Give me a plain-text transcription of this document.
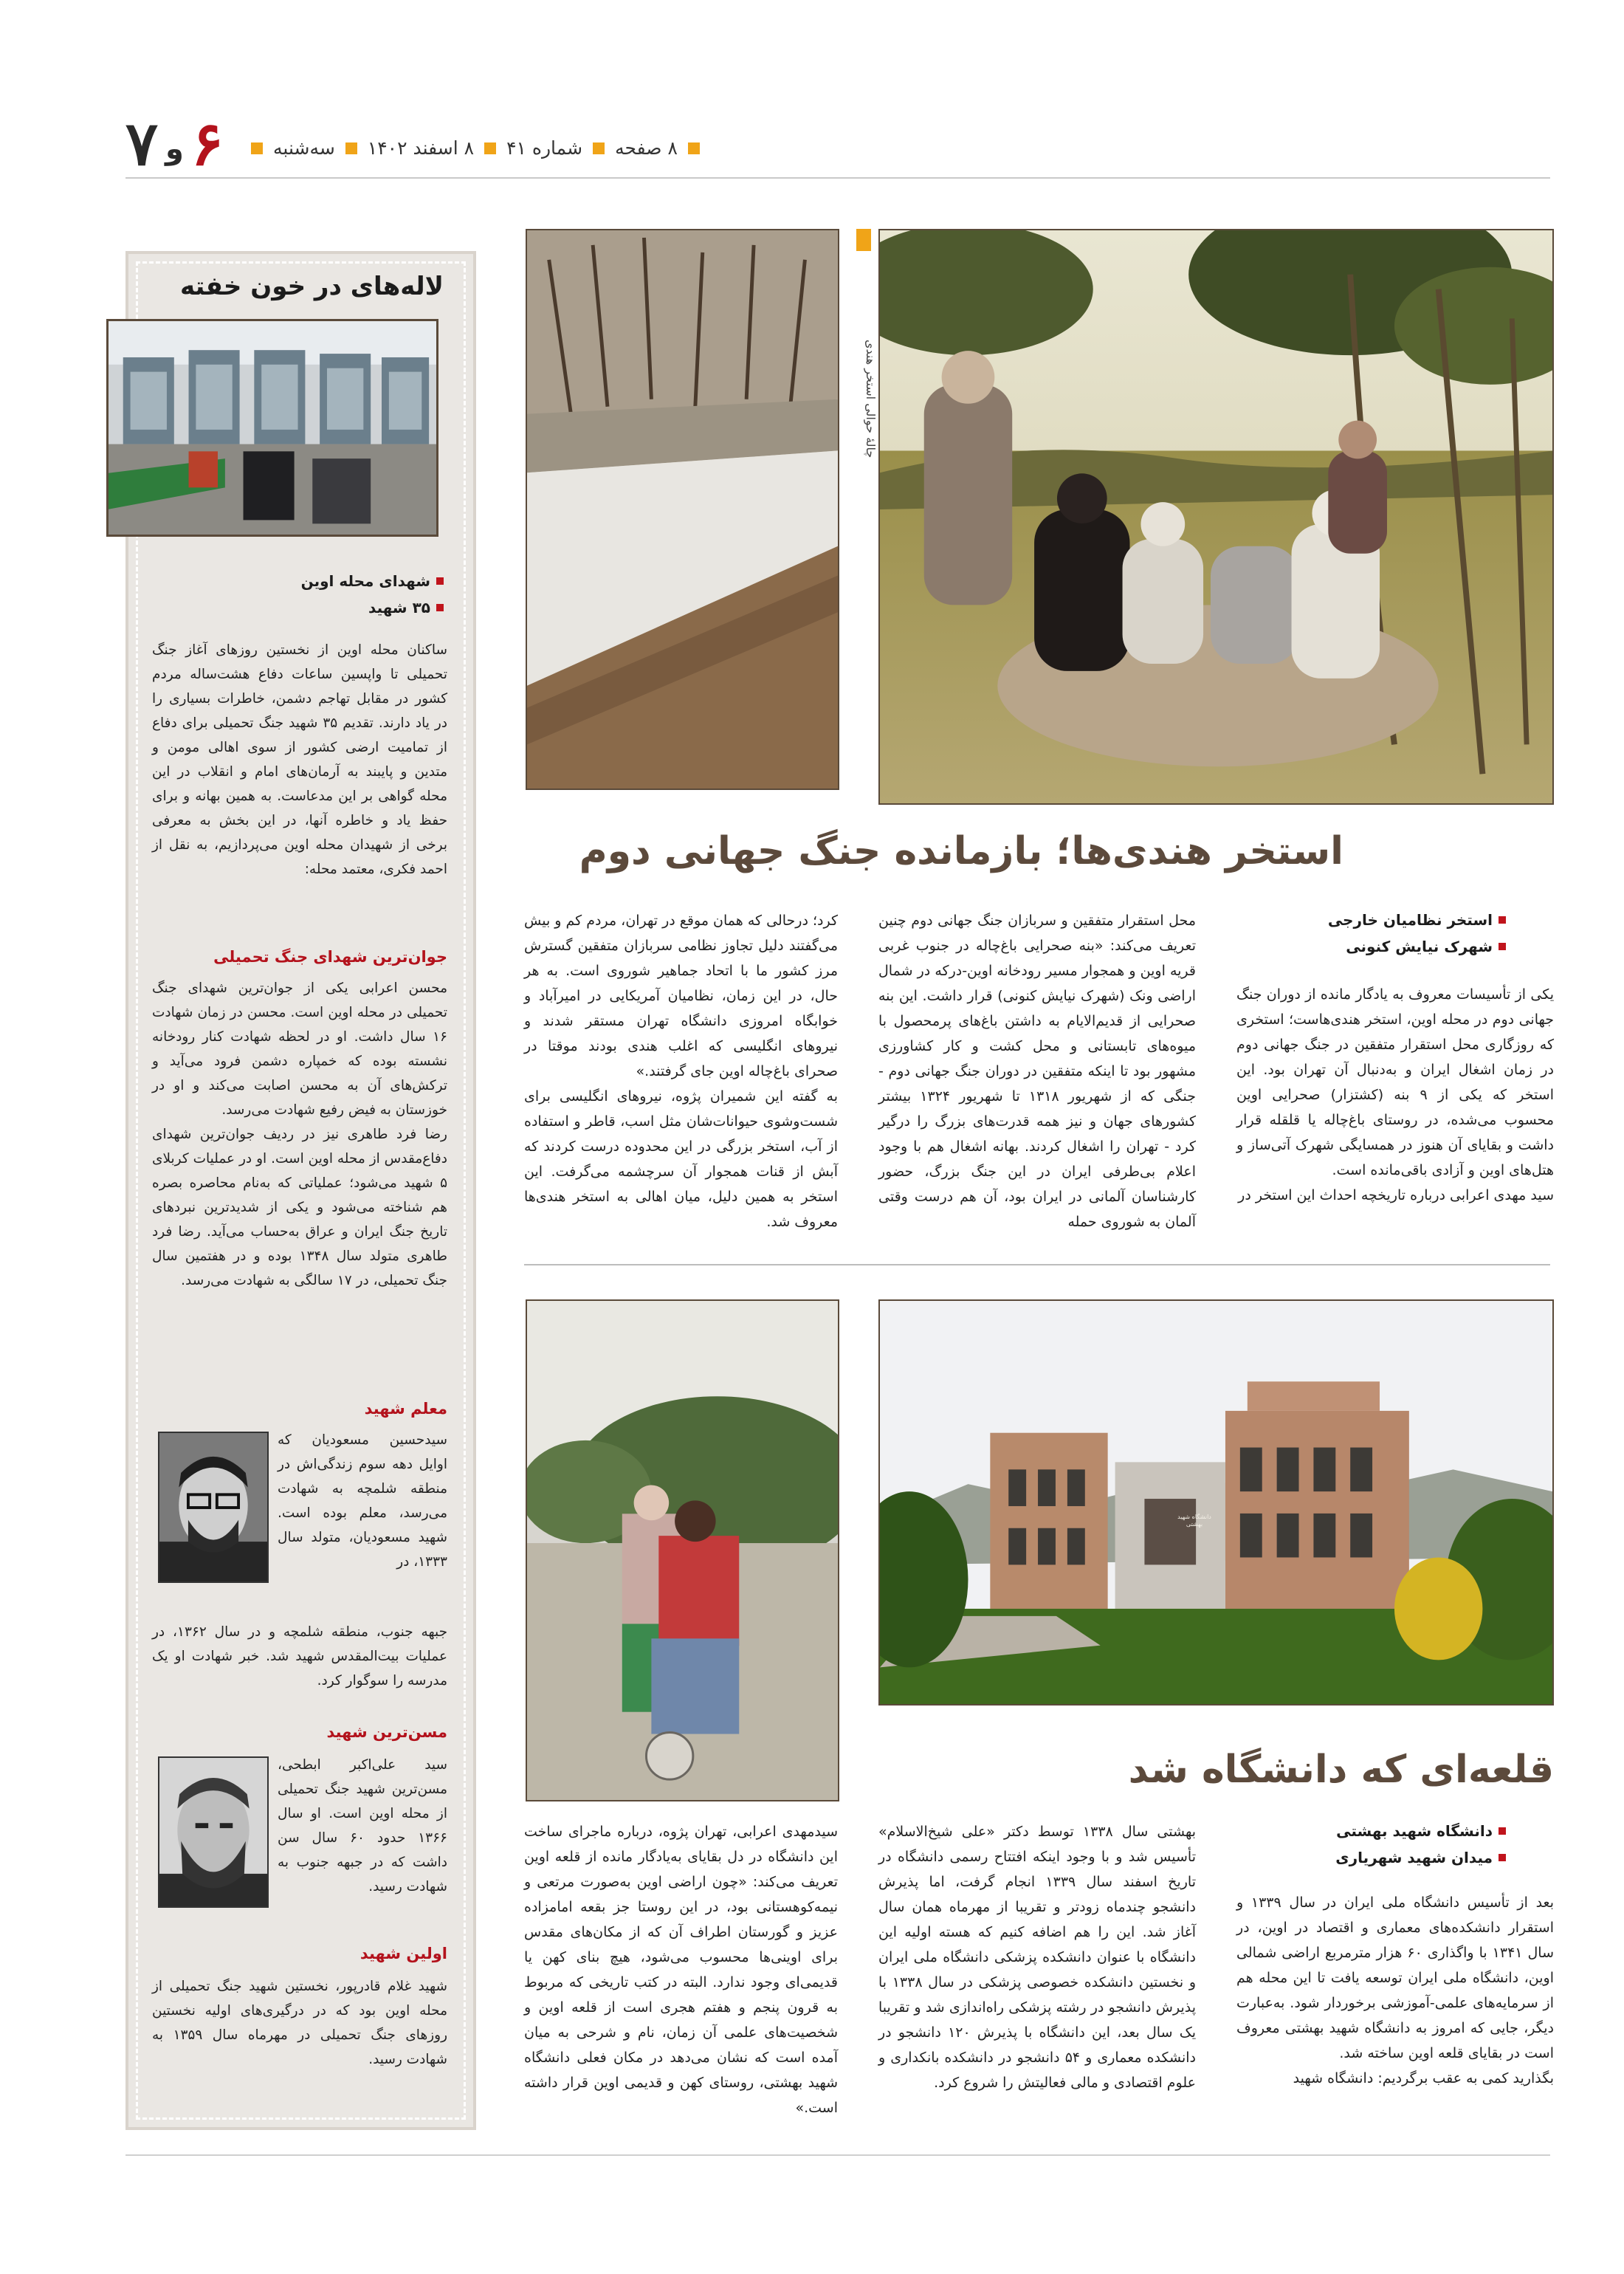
۷ و ۶	۸ صفحه
شماره ۴۱
۸ اسفند ۱۴۰۲
سه‌شنبه
چالهٔ حوالی استخر هندی
استخر هندی‌ها؛ بازمانده جنگ جهانی دوم
استخر نظامیان خارجی
شهرک نیایش کنونی
یکی از تأسیسات معروف به یادگار مانده از دوران جنگ جهانی دوم در محله اوین، استخر هندی‌هاست؛ استخری که روزگاری محل استقرار متفقین در جنگ جهانی دوم در زمان اشغال ایران و به‌دنبال آن تهران بود. این استخر که یکی از ۹ بنه (کشتزار) صحرایی اوین محسوب می‌شده، در روستای باغ‌چاله یا قلقله قرار داشت و بقایای آن هنوز در همسایگی شهرک آتی‌ساز و هتل‌های اوین و آزادی باقی‌مانده است.
سید مهدی اعرابی درباره تاریخچه احداث این استخر در
محل استقرار متفقین و سربازان جنگ جهانی دوم چنین تعریف می‌کند: «بنه صحرایی باغ‌چاله در جنوب غربی قریه اوین و همجوار مسیر رودخانه اوین-درکه در شمال اراضی ونک (شهرک نیایش کنونی) قرار داشت. این بنه صحرایی از قدیم‌الایام به داشتن باغ‌های پرمحصول با میوه‌های تابستانی و محل کشت و کار کشاورزی مشهور بود تا اینکه متفقین در دوران جنگ جهانی دوم - جنگی که از شهریور ۱۳۱۸ تا شهریور ۱۳۲۴ بیشتر کشورهای جهان و نیز همه قدرت‌های بزرگ را درگیر کرد - تهران را اشغال کردند. بهانه اشغال هم با وجود اعلام بی‌طرفی ایران در این جنگ بزرگ، حضور کارشناسان آلمانی در ایران بود، آن هم درست وقتی آلمان به شوروی حمله
کرد؛ درحالی که همان موقع در تهران، مردم کم و بیش می‌گفتند دلیل تجاوز نظامی سربازان متفقین گسترش مرز کشور ما با اتحاد جماهیر شوروی است. به هر حال، در این زمان، نظامیان آمریکایی در امیرآباد و خوابگاه امروزی دانشگاه تهران مستقر شدند و نیروهای انگلیسی که اغلب هندی بودند موقتا در صحرای باغ‌چاله اوین جای گرفتند.»
به گفته این شمیران پژوه، نیروهای انگلیسی برای شست‌وشوی حیوانات‌شان مثل اسب، قاطر و استفاده از آب، استخر بزرگی در این محدوده درست کردند که آبش از قنات همجوار آن سرچشمه می‌گرفت. این استخر به همین دلیل، میان اهالی به استخر هندی‌ها معروف شد.
دانشگاه شهید بهشتی
قلعه‌ای که دانشگاه شد
دانشگاه شهید بهشتی
میدان شهید شهریاری
بعد از تأسیس دانشگاه ملی ایران در سال ۱۳۳۹ و استقرار دانشکده‌های معماری و اقتصاد در اوین، در سال ۱۳۴۱ با واگذاری ۶۰ هزار مترمربع اراضی شمالی اوین، دانشگاه ملی ایران توسعه یافت تا این محله هم از سرمایه‌های علمی-آموزشی برخوردار شود. به‌عبارت دیگر، جایی که امروز به دانشگاه شهید بهشتی معروف است در بقایای قلعه اوین ساخته شد.
بگذارید کمی به عقب برگردیم: دانشگاه شهید
بهشتی سال ۱۳۳۸ توسط دکتر «علی شیخ‌الاسلام» تأسیس شد و با وجود اینکه افتتاح رسمی دانشگاه در تاریخ اسفند سال ۱۳۳۹ انجام گرفت، اما پذیرش دانشجو چندماه زودتر و تقریبا از مهرماه همان سال آغاز شد. این را هم اضافه کنیم که هسته اولیه این دانشگاه با عنوان دانشکده پزشکی دانشگاه ملی ایران و نخستین دانشکده خصوصی پزشکی در سال ۱۳۳۸ با پذیرش دانشجو در رشته پزشکی راه‌اندازی شد و تقریبا یک سال بعد، این دانشگاه با پذیرش ۱۲۰ دانشجو در دانشکده معماری و ۵۴ دانشجو در دانشکده بانکداری و علوم اقتصادی و مالی فعالیتش را شروع کرد.
سیدمهدی اعرابی، تهران پژوه، درباره ماجرای ساخت این دانشگاه در دل بقایای به‌یادگار مانده از قلعه اوین تعریف می‌کند: «چون اراضی اوین به‌صورت مرتعی و نیمه‌کوهستانی بود، در این روستا جز بقعه امامزاده عزیز و گورستان اطراف آن که از مکان‌های مقدس برای اوینی‌ها محسوب می‌شود، هیچ بنای کهن یا قدیمی‌ای وجود ندارد. البته در کتب تاریخی که مربوط به قرون پنجم و هفتم هجری است از قلعه اوین و شخصیت‌های علمی آن زمان، نام و شرحی به میان آمده است که نشان می‌دهد در مکان فعلی دانشگاه شهید بهشتی، روستای کهن و قدیمی اوین قرار داشته است.»
لاله‌های در خون خفته
شهدای محله اوین
۳۵ شهید
ساکنان محله اوین از نخستین روزهای آغاز جنگ تحمیلی تا واپسین ساعات دفاع هشت‌ساله مردم کشور در مقابل تهاجم دشمن، خاطرات بسیاری را در یاد دارند. تقدیم ۳۵ شهید جنگ تحمیلی برای دفاع از تمامیت ارضی کشور از سوی اهالی مومن و متدین و پایبند به آرمان‌های امام و انقلاب در این محله گواهی بر این مدعاست. به همین بهانه و برای حفظ یاد و خاطره آنها، در این بخش به معرفی برخی از شهیدان محله اوین می‌پردازیم، به نقل از احمد فکری، معتمد محله:
جوان‌ترین شهدای جنگ تحمیلی
محسن اعرابی یکی از جوان‌ترین شهدای جنگ تحمیلی در محله اوین است. محسن در زمان شهادت ۱۶ سال داشت. او در لحظه شهادت کنار رودخانه نشسته بوده که خمپاره دشمن فرود می‌آید و ترکش‌های آن به محسن اصابت می‌کند و او در خوزستان به فیض رفیع شهادت می‌رسد.
رضا فرد طاهری نیز در ردیف جوان‌ترین شهدای دفاع‌مقدس از محله اوین است. او در عملیات کربلای ۵ شهید می‌شود؛ عملیاتی که به‌نام محاصره بصره هم شناخته می‌شود و یکی از شدیدترین نبردهای تاریخ جنگ ایران و عراق به‌حساب می‌آید. رضا فرد طاهری متولد سال ۱۳۴۸ بوده و در هفتمین سال جنگ تحمیلی، در ۱۷ سالگی به شهادت می‌رسد.
معلم شهید
سیدحسین مسعودیان که اوایل دهه سوم زندگی‌اش در منطقه شلمچه به شهادت می‌رسد، معلم بوده است. شهید مسعودیان، متولد سال ۱۳۳۳، در
جبهه جنوب، منطقه شلمچه و در سال ۱۳۶۲، در عملیات بیت‌المقدس شهید شد. خبر شهادت او یک مدرسه را سوگوار کرد.
مسن‌ترین شهید
سید علی‌اکبر ابطحی، مسن‌ترین شهید جنگ تحمیلی از محله اوین است. او سال ۱۳۶۶ حدود ۶۰ سال سن داشت که در جبهه جنوب به شهادت رسید.
اولین شهید
شهید غلام قادرپور، نخستین شهید جنگ تحمیلی از محله اوین بود که در درگیری‌های اولیه نخستین روزهای جنگ تحمیلی در مهرماه سال ۱۳۵۹ به شهادت رسید.
